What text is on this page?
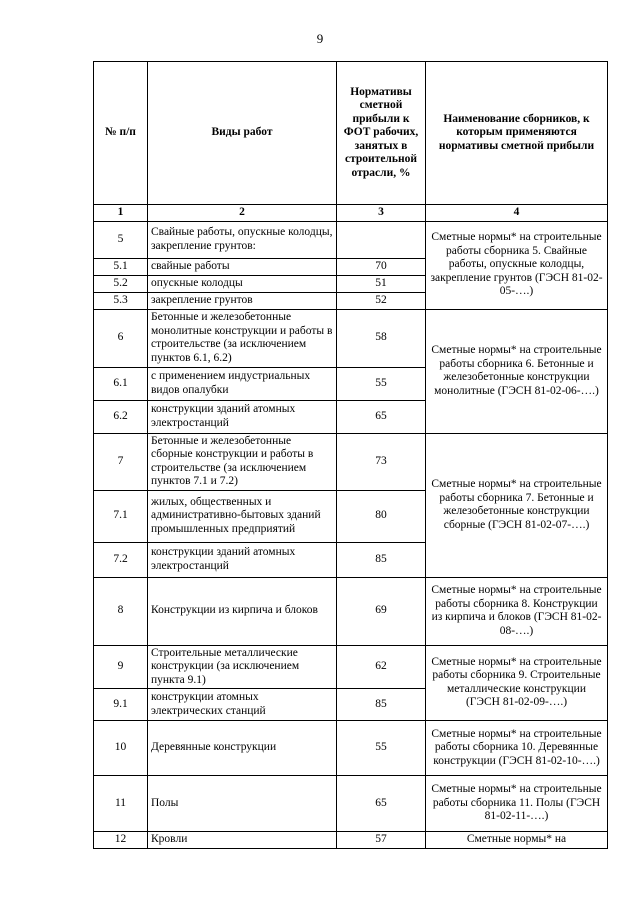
9
№ п/п	Виды работ	Нормативы сметной прибыли к ФОТ рабочих, занятых в строительной отрасли, %	Наименование сборников, к которым применяются нормативы сметной прибыли
1	2	3	4
5	Свайные работы, опускные колодцы, закрепление грунтов:		Сметные нормы* на строительные работы сборника 5. Свайные работы, опускные колодцы, закрепление грунтов (ГЭСН 81-02-05-….)
5.1	свайные работы	70	
5.2	опускные колодцы	51	
5.3	закрепление грунтов	52	
6	Бетонные и железобетонные монолитные конструкции и работы в строительстве (за исключением пунктов 6.1, 6.2)	58	Сметные нормы* на строительные работы сборника 6. Бетонные и железобетонные конструкции монолитные (ГЭСН 81-02-06-….)
6.1	с применением индустриальных видов опалубки	55	
6.2	конструкции зданий атомных электростанций	65	
7	Бетонные и железобетонные сборные конструкции и работы в строительстве (за исключением пунктов 7.1 и 7.2)	73	Сметные нормы* на строительные работы сборника 7. Бетонные и железобетонные конструкции сборные (ГЭСН 81-02-07-….)
7.1	жилых, общественных и административно-бытовых зданий промышленных предприятий	80	
7.2	конструкции зданий атомных электростанций	85	
8	Конструкции из кирпича и блоков	69	Сметные нормы* на строительные работы сборника 8. Конструкции из кирпича и блоков (ГЭСН 81-02-08-….)
9	Строительные металлические конструкции (за исключением пункта 9.1)	62	Сметные нормы* на строительные работы сборника 9. Строительные металлические конструкции (ГЭСН 81-02-09-….)
9.1	конструкции атомных электрических станций	85	
10	Деревянные конструкции	55	Сметные нормы* на строительные работы сборника 10. Деревянные конструкции (ГЭСН 81-02-10-….)
11	Полы	65	Сметные нормы* на строительные работы сборника 11. Полы (ГЭСН 81-02-11-….)
12	Кровли	57	Сметные нормы* на
